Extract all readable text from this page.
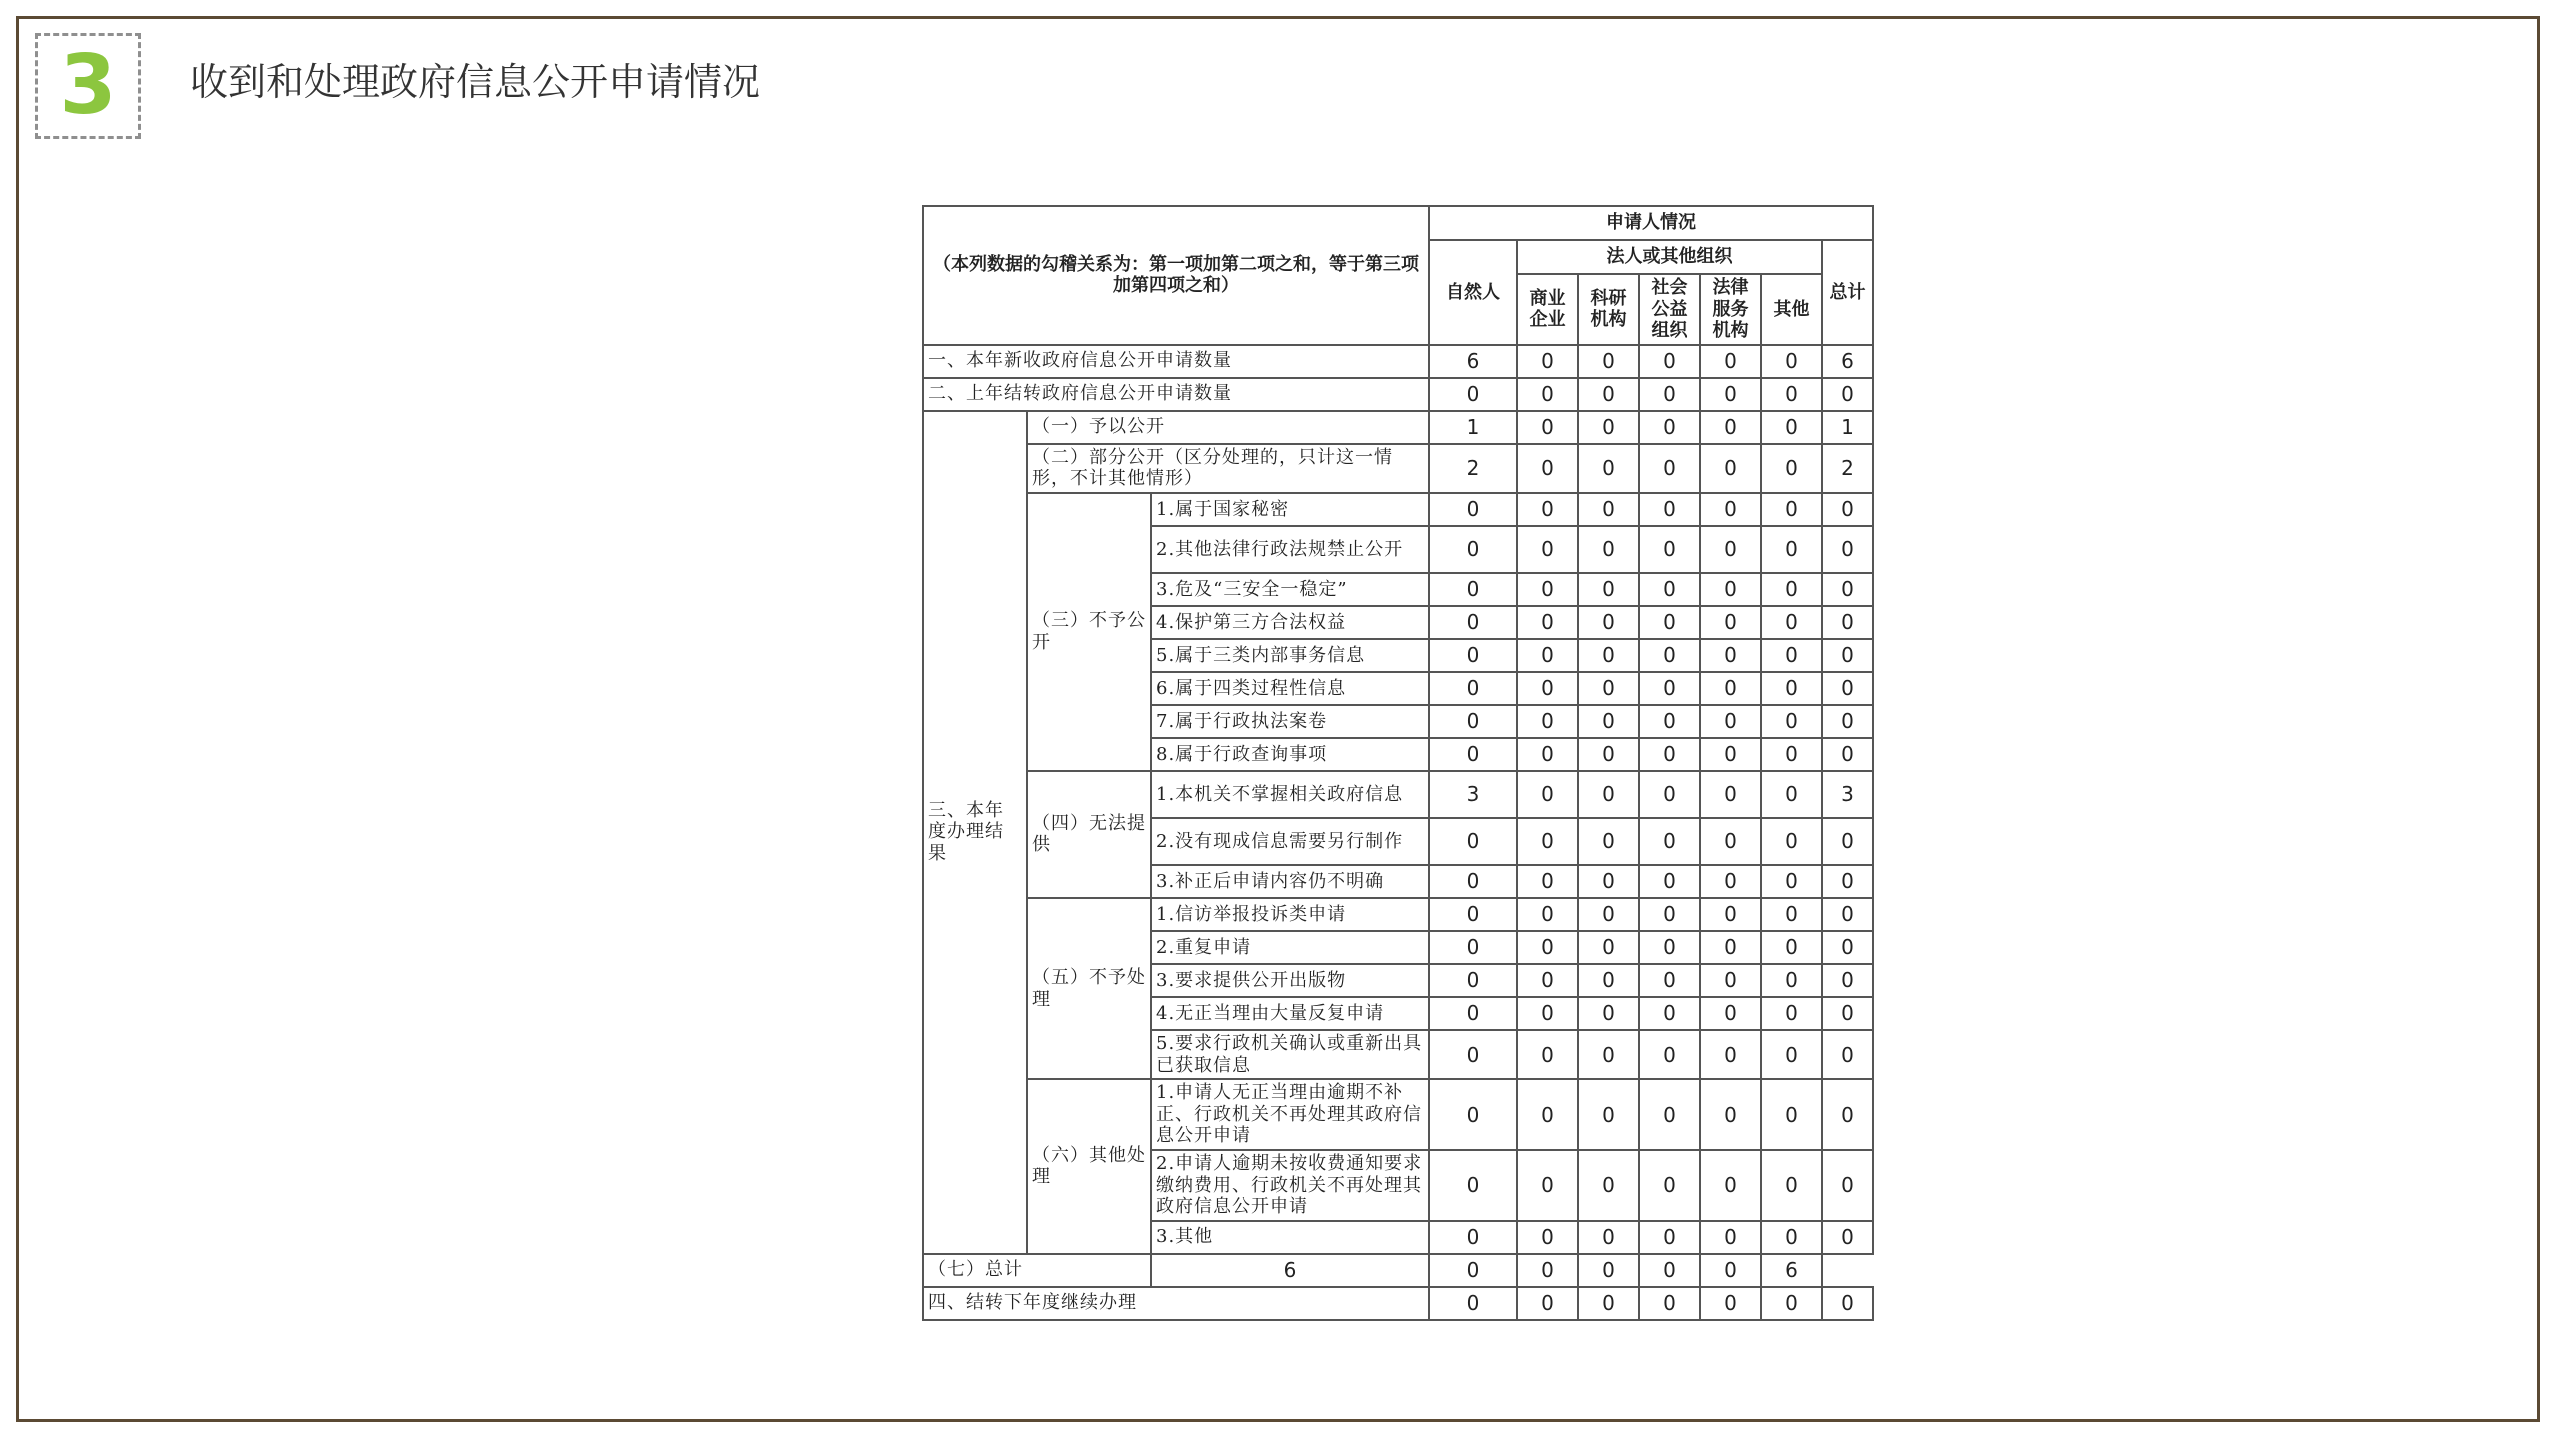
3 收到和处理政府信息公开申请情况
（本列数据的勾稽关系为：第一项加第二项之和，等于第三项加第四项之和）			申请人情况						
			自然人	法人或其他组织					总计
				商业企业	科研机构	社会公益组织	法律服务机构	其他	

一、本年新收政府信息公开申请数量			6	0	0	0	0	0	6
二、上年结转政府信息公开申请数量			0	0	0	0	0	0	0
三、本年度办理结果	（一）予以公开		1	0	0	0	0	0	1
	（二）部分公开（区分处理的，只计这一情形，不计其他情形）		2	0	0	0	0	0	2
	（三）不予公开	1.属于国家秘密	0	0	0	0	0	0	0
		2.其他法律行政法规禁止公开	0	0	0	0	0	0	0
		3.危及“三安全一稳定”	0	0	0	0	0	0	0
		4.保护第三方合法权益	0	0	0	0	0	0	0
		5.属于三类内部事务信息	0	0	0	0	0	0	0
		6.属于四类过程性信息	0	0	0	0	0	0	0
		7.属于行政执法案卷	0	0	0	0	0	0	0
		8.属于行政查询事项	0	0	0	0	0	0	0
	（四）无法提供	1.本机关不掌握相关政府信息	3	0	0	0	0	0	3
		2.没有现成信息需要另行制作	0	0	0	0	0	0	0
		3.补正后申请内容仍不明确	0	0	0	0	0	0	0
	（五）不予处理	1.信访举报投诉类申请	0	0	0	0	0	0	0
		2.重复申请	0	0	0	0	0	0	0
		3.要求提供公开出版物	0	0	0	0	0	0	0
		4.无正当理由大量反复申请	0	0	0	0	0	0	0
		5.要求行政机关确认或重新出具已获取信息	0	0	0	0	0	0	0
	（六）其他处理	1.申请人无正当理由逾期不补正、行政机关不再处理其政府信息公开申请	0	0	0	0	0	0	0
		2.申请人逾期未按收费通知要求缴纳费用、行政机关不再处理其政府信息公开申请	0	0	0	0	0	0	0
		3.其他	0	0	0	0	0	0	0
（七）总计		6	0	0	0	0	0	6	
四、结转下年度继续办理			0	0	0	0	0	0	0
